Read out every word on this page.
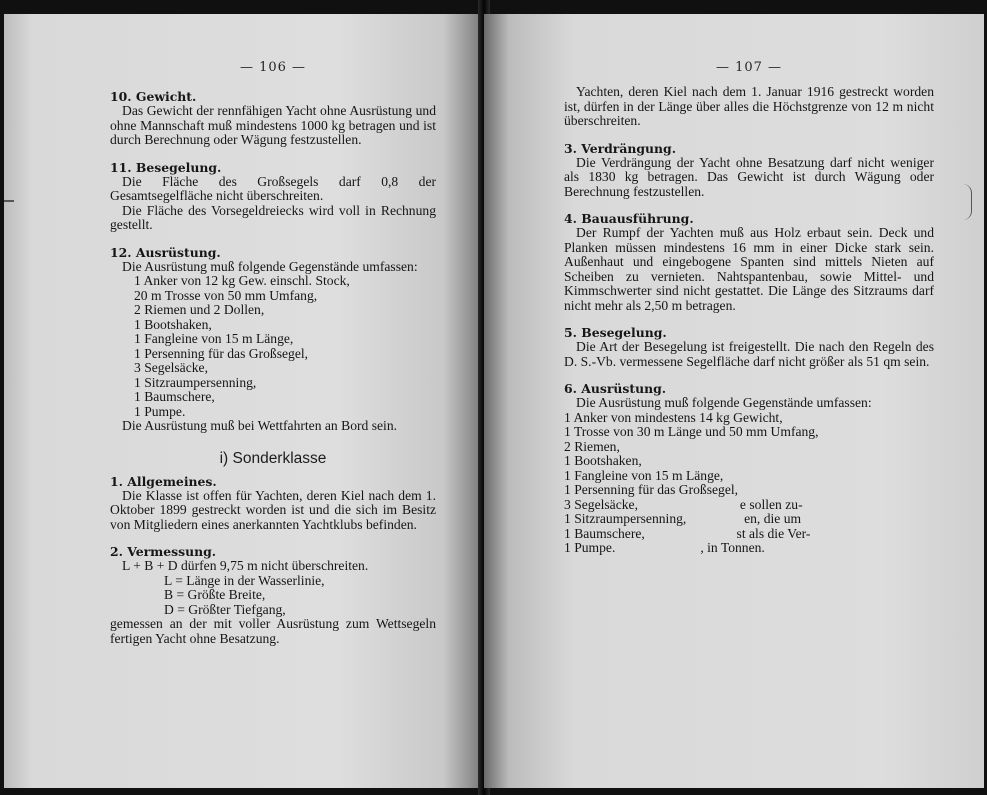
— 106 —
10. Gewicht.

Das Gewicht der rennfähigen Yacht ohne Ausrüstung und ohne Mannschaft muß mindestens 1000 kg betragen und ist durch Berechnung oder Wägung festzustellen.

11. Besegelung.

Die Fläche des Großsegels darf 0,8 der Gesamtsegelfläche nicht überschreiten.

Die Fläche des Vorsegeldreiecks wird voll in Rechnung gestellt.

12. Ausrüstung.

Die Ausrüstung muß folgende Gegenstände umfassen:

1 Anker von 12 kg Gew. einschl. Stock,
20 m Trosse von 50 mm Umfang,
2 Riemen und 2 Dollen,
1 Bootshaken,
1 Fangleine von 15 m Länge,
1 Persenning für das Großsegel,
3 Segelsäcke,
1 Sitzraumpersenning,
1 Baumschere,
1 Pumpe.

Die Ausrüstung muß bei Wettfahrten an Bord sein.

i) Sonderklasse
1. Allgemeines.

Die Klasse ist offen für Yachten, deren Kiel nach dem 1. Oktober 1899 gestreckt worden ist und die sich im Besitz von Mitgliedern eines anerkannten Yachtklubs befinden.

2. Vermessung.

L + B + D dürfen 9,75 m nicht überschreiten.

L = Länge in der Wasserlinie,
B = Größte Breite,
D = Größter Tiefgang,

gemessen an der mit voller Ausrüstung zum Wettsegeln fertigen Yacht ohne Besatzung.

— 107 —

Yachten, deren Kiel nach dem 1. Januar 1916 gestreckt worden ist, dürfen in der Länge über alles die Höchstgrenze von 12 m nicht überschreiten.

3. Verdrängung.

Die Verdrängung der Yacht ohne Besatzung darf nicht weniger als 1830 kg betragen. Das Gewicht ist durch Wägung oder Berechnung festzustellen.

4. Bauausführung.

Der Rumpf der Yachten muß aus Holz erbaut sein. Deck und Planken müssen mindestens 16 mm in einer Dicke stark sein. Außenhaut und eingebogene Spanten sind mittels Nieten auf Scheiben zu vernieten. Nahtspantenbau, sowie Mittel- und Kimmschwerter sind nicht gestattet. Die Länge des Sitzraums darf nicht mehr als 2,50 m betragen.

5. Besegelung.

Die Art der Besegelung ist freigestellt. Die nach den Regeln des D. S.-Vb. vermessene Segelfläche darf nicht größer als 51 qm sein.

6. Ausrüstung.

Die Ausrüstung muß folgende Gegenstände umfassen:

1 Anker von mindestens 14 kg Gewicht,
1 Trosse von 30 m Länge und 50 mm Umfang,
2 Riemen,
1 Bootshaken,
1 Fangleine von 15 m Länge,
1 Persenning für das Großsegel,
3 Segelsäcke,                              e sollen zu-
1 Sitzraumpersenning,                 en, die um
1 Baumschere,                           st als die Ver-
1 Pumpe.                         , in Tonnen.
